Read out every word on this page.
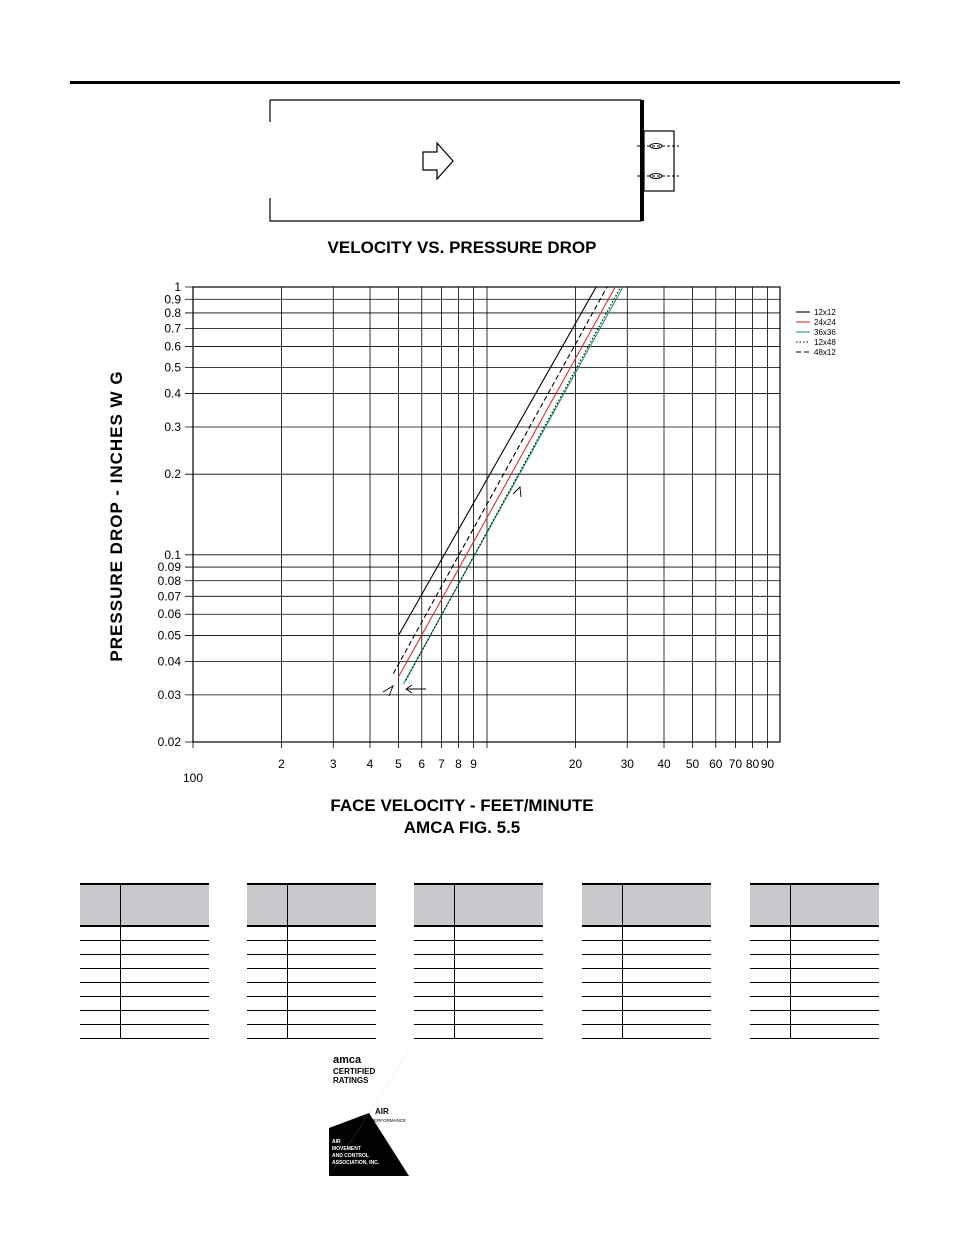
VELOCITY VS. PRESSURE DROP
1
0.9
0.8
0.7
0.6
0.5
0.4
0.3
0.2
0.1
0.09
0.08
0.07
0.06
0.05
0.04
0.03
0.02
100
2	3	4 5 6 7 8 9	20	30 40 50 60 70 80 90
12x12
24x24
36x36
12x48
48x12
PRESSURE DROP - INCHES W G
FACE VELOCITY - FEET/MINUTE
AMCA FIG. 5.5

amca
CERTIFIED
RATINGS
AIR
PERFORMANCE
AIR
MOVEMENT
AND CONTROL
ASSOCIATION, INC.
